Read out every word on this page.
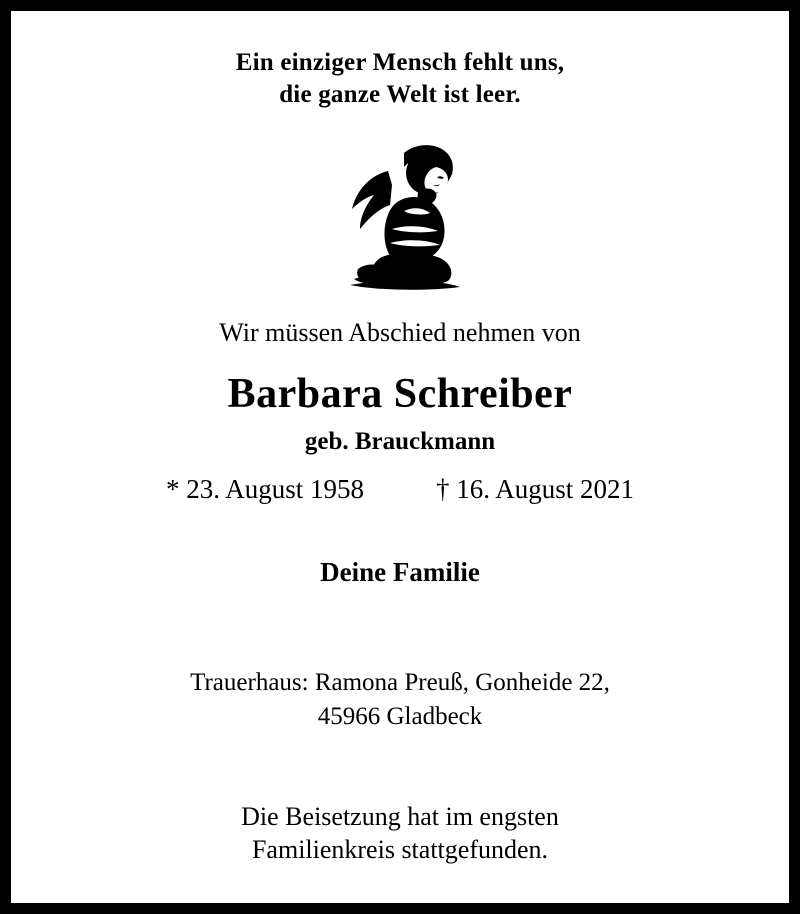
Ein einziger Mensch fehlt uns,
die ganze Welt ist leer.
Wir müssen Abschied nehmen von
Barbara Schreiber
geb. Brauckmann
* 23. August 1958	† 16. August 2021
Deine Familie
Trauerhaus: Ramona Preuß, Gonheide 22,
45966 Gladbeck
Die Beisetzung hat im engsten
Familienkreis stattgefunden.
